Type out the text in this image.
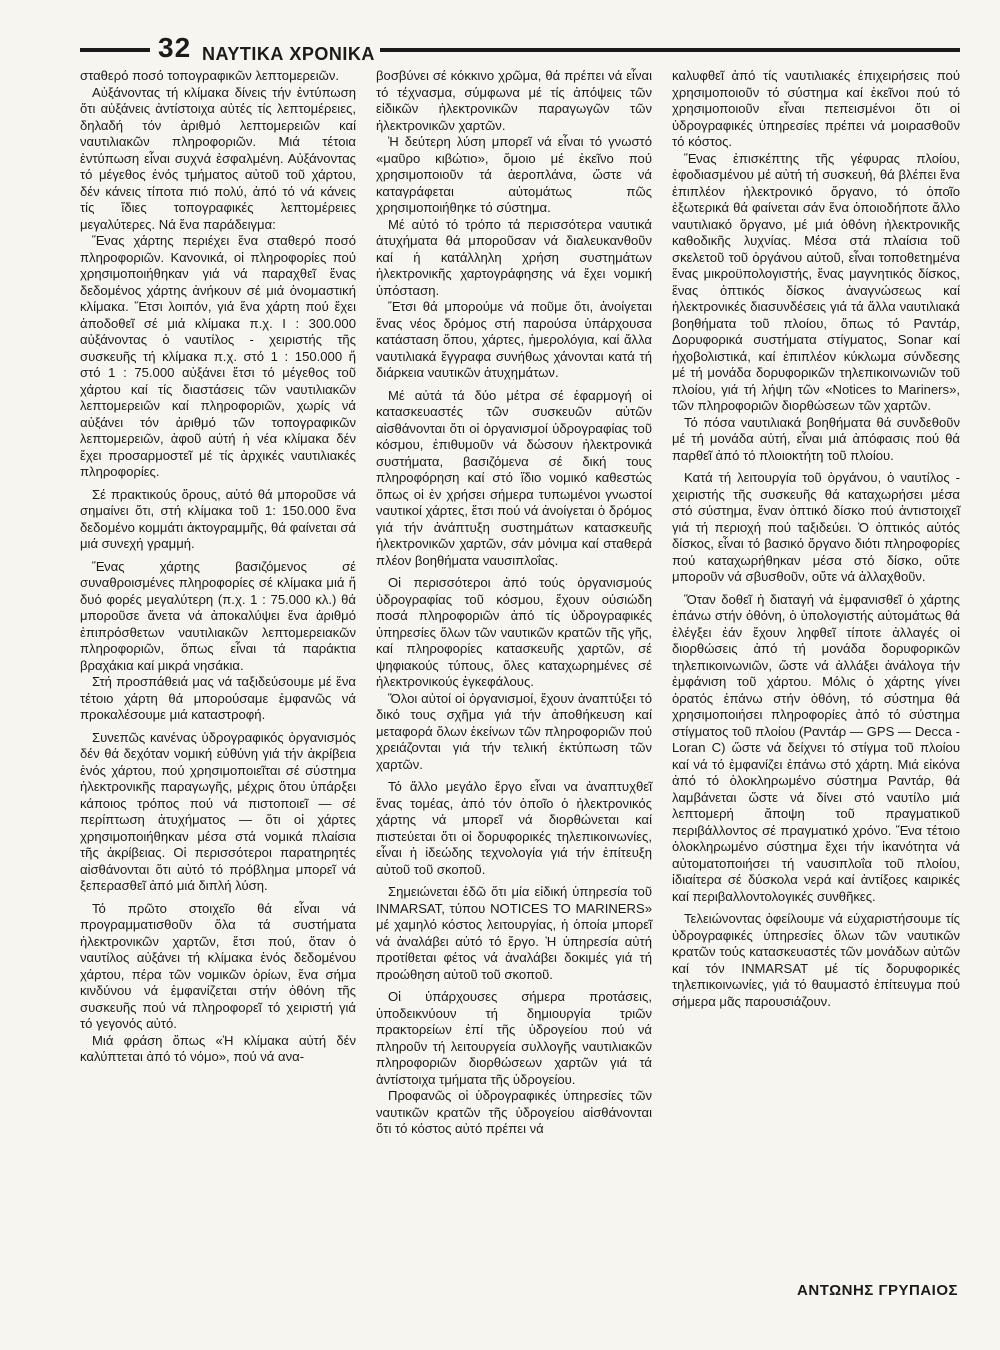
32 ΝΑΥΤΙΚΑ ΧΡΟΝΙΚΑ

σταθερό ποσό τοπογραφικῶν λεπτομερειῶν.

Αὐξάνοντας τή κλίμακα δίνεις τήν ἐντύπωση ὅτι αὐξάνεις ἀντίστοιχα αὐτές τίς λεπτομέρειες, δηλαδή τόν ἀριθμό λεπτομερειῶν καί ναυτιλιακῶν πληροφοριῶν. Μιά τέτοια ἐντύπωση εἶναι συχνά ἐσφαλμένη. Αὐξάνοντας τό μέγεθος ἑνός τμήματος αὐτοῦ τοῦ χάρτου, δέν κάνεις τίποτα πιό πολύ, ἀπό τό νά κάνεις τίς ἴδιες τοπογραφικές λεπτομέρειες μεγαλύτερες. Νά ἕνα παράδειγμα:

Ἕνας χάρτης περιέχει ἕνα σταθερό ποσό πληροφοριῶν. Κανονικά, οἱ πληροφορίες πού χρησιμοποιήθηκαν γιά νά παραχθεῖ ἕνας δεδομένος χάρτης ἀνήκουν σέ μιά ὀνομαστική κλίμακα. Ἔτσι λοιπόν, γιά ἕνα χάρτη πού ἔχει ἀποδοθεῖ σέ μιά κλίμακα π.χ. Ι : 300.000 αὐξάνοντας ὁ ναυτίλος - χειριστής τῆς συσκευῆς τή κλίμακα π.χ. στό 1 : 150.000 ἤ στό 1 : 75.000 αὐξάνει ἔτσι τό μέγεθος τοῦ χάρτου καί τίς διαστάσεις τῶν ναυτιλιακῶν λεπτομερειῶν καί πληροφοριῶν, χωρίς νά αὐξάνει τόν ἀριθμό τῶν τοπογραφικῶν λεπτομερειῶν, ἀφοῦ αὐτή ἡ νέα κλίμακα δέν ἔχει προσαρμοστεῖ μέ τίς ἀρχικές ναυτιλιακές πληροφορίες.

Σέ πρακτικούς ὅρους, αὐτό θά μποροῦσε νά σημαίνει ὅτι, στή κλίμακα τοῦ 1: 150.000 ἕνα δεδομένο κομμάτι ἀκτογραμμῆς, θά φαίνεται σά μιά συνεχή γραμμή.

Ἕνας χάρτης βασιζόμενος σέ συναθροισμένες πληροφορίες σέ κλίμακα μιά ἤ δυό φορές μεγαλύτερη (π.χ. 1 : 75.000 κλ.) θά μποροῦσε ἄνετα νά ἀποκαλύψει ἕνα ἀριθμό ἐπιπρόσθετων ναυτιλιακῶν λεπτομερειακῶν πληροφοριῶν, ὅπως εἶναι τά παράκτια βραχάκια καί μικρά νησάκια.

Στή προσπάθειά μας νά ταξιδεύσουμε μέ ἕνα τέτοιο χάρτη θά μπορούσαμε ἐμφανῶς νά προκαλέσουμε μιά καταστροφή.

Συνεπῶς κανένας ὑδρογραφικός ὀργανισμός δέν θά δεχόταν νομική εὐθύνη γιά τήν ἀκρίβεια ἑνός χάρτου, πού χρησιμοποιεῖται σέ σύστημα ἠλεκτρονικῆς παραγωγῆς, μέχρις ὅτου ὑπάρξει κάποιος τρόπος πού νά πιστοποιεῖ — σέ περίπτωση ἀτυχήματος — ὅτι οἱ χάρτες χρησιμοποιήθηκαν μέσα στά νομικά πλαίσια τῆς ἀκρίβειας. Οἱ περισσότεροι παρατηρητές αἰσθάνονται ὅτι αὐτό τό πρόβλημα μπορεῖ νά ξεπερασθεῖ ἀπό μιά διπλή λύση.

Τό πρῶτο στοιχεῖο θά εἶναι νά προγραμματισθοῦν ὅλα τά συστήματα ἠλεκτρονικῶν χαρτῶν, ἔτσι πού, ὅταν ὁ ναυτίλος αὐξάνει τή κλίμακα ἑνός δεδομένου χάρτου, πέρα τῶν νομικῶν ὁρίων, ἕνα σήμα κινδύνου νά ἐμφανίζεται στήν ὀθόνη τῆς συσκευῆς πού νά πληροφορεῖ τό χειριστή γιά τό γεγονός αὐτό.

Μιά φράση ὅπως «Ἡ κλίμακα αὐτή δέν καλύπτεται ἀπό τό νόμο», πού νά ανα-

βοσβύνει σέ κόκκινο χρῶμα, θά πρέπει νά εἶναι τό τέχνασμα, σύμφωνα μέ τίς ἀπόψεις τῶν εἰδικῶν ἠλεκτρονικῶν παραγωγῶν τῶν ἠλεκτρονικῶν χαρτῶν.

Ἡ δεύτερη λύση μπορεῖ νά εἶναι τό γνωστό «μαῦρο κιβώτιο», ὅμοιο μέ ἐκεῖνο πού χρησιμοποιοῦν τά ἀεροπλάνα, ὥστε νά καταγράφεται αὐτομάτως πῶς χρησιμοποιήθηκε τό σύστημα.

Μέ αὐτό τό τρόπο τά περισσότερα ναυτικά ἀτυχήματα θά μποροῦσαν νά διαλευκανθοῦν καί ἡ κατάλληλη χρήση συστημάτων ἠλεκτρονικῆς χαρτογράφησης νά ἔχει νομική ὑπόσταση.

Ἔτσι θά μπορούμε νά ποῦμε ὅτι, ἀνοίγεται ἕνας νέος δρόμος στή παρούσα ὑπάρχουσα κατάσταση ὅπου, χάρτες, ἡμερολόγια, καί ἄλλα ναυτιλιακά ἔγγραφα συνήθως χάνονται κατά τή διάρκεια ναυτικῶν ἀτυχημάτων.

Μέ αὐτά τά δύο μέτρα σέ ἐφαρμογή οἱ κατασκευαστές τῶν συσκευῶν αὐτῶν αἰσθάνονται ὅτι οἱ ὀργανισμοί ὑδρογραφίας τοῦ κόσμου, ἐπιθυμοῦν νά δώσουν ἠλεκτρονικά συστήματα, βασιζόμενα σέ δική τους πληροφόρηση καί στό ἴδιο νομικό καθεστώς ὅπως οἱ ἐν χρήσει σήμερα τυπωμένοι γνωστοί ναυτικοί χάρτες, ἔτσι πού νά ἀνοίγεται ὁ δρόμος γιά τήν ἀνάπτυξη συστημάτων κατασκευῆς ἠλεκτρονικῶν χαρτῶν, σάν μόνιμα καί σταθερά πλέον βοηθήματα ναυσιπλοΐας.

Οἱ περισσότεροι ἀπό τούς ὀργανισμούς ὑδρογραφίας τοῦ κόσμου, ἔχουν οὐσιώδη ποσά πληροφοριῶν ἀπό τίς ὑδρογραφικές ὑπηρεσίες ὅλων τῶν ναυτικῶν κρατῶν τῆς γῆς, καί πληροφορίες κατασκευῆς χαρτῶν, σέ ψηφιακούς τύπους, ὅλες καταχωρημένες σέ ἠλεκτρονικούς ἐγκεφάλους.

Ὅλοι αὐτοί οἱ ὀργανισμοί, ἔχουν ἀναπτύξει τό δικό τους σχῆμα γιά τήν ἀποθήκευση καί μεταφορά ὅλων ἐκείνων τῶν πληροφοριῶν πού χρειάζονται γιά τήν τελική ἐκτύπωση τῶν χαρτῶν.

Τό ἄλλο μεγάλο ἔργο εἶναι να ἀναπτυχθεῖ ἕνας τομέας, ἀπό τόν ὁποῖο ὁ ἠλεκτρονικός χάρτης νά μπορεῖ νά διορθώνεται καί πιστεύεται ὅτι οἱ δορυφορικές τηλεπικοινωνίες, εἶναι ἡ ἰδεώδης τεχνολογία γιά τήν ἐπίτευξη αὐτοῦ τοῦ σκοποῦ.

Σημειώνεται ἐδῶ ὅτι μία εἰδική ὑπηρεσία τοῦ INMARSAT, τύπου NOTICES TO MARINERS» μέ χαμηλό κόστος λειτουργίας, ἡ ὁποία μπορεῖ νά ἀναλάβει αὐτό τό ἔργο. Ἡ ὑπηρεσία αὐτή προτίθεται φέτος νά ἀναλάβει δοκιμές γιά τή προώθηση αὐτοῦ τοῦ σκοποῦ.

Οἱ ὑπάρχουσες σήμερα προτάσεις, ὑποδεικνύουν τή δημιουργία τριῶν πρακτορείων ἐπί τῆς ὑδρογείου πού νά πληροῦν τή λειτουργεία συλλογῆς ναυτιλιακῶν πληροφοριῶν διορθώσεων χαρτῶν γιά τά ἀντίστοιχα τμήματα τῆς ὑδρογείου.

Προφανῶς οἱ ὑδρογραφικές ὑπηρεσίες τῶν ναυτικῶν κρατῶν τῆς ὑδρογείου αἰσθάνονται ὅτι τό κόστος αὐτό πρέπει νά

καλυφθεῖ ἀπό τίς ναυτιλιακές ἐπιχειρήσεις πού χρησιμοποιοῦν τό σύστημα καί ἐκεῖνοι πού τό χρησιμοποιοῦν εἶναι πεπεισμένοι ὅτι οἱ ὑδρογραφικές ὑπηρεσίες πρέπει νά μοιρασθοῦν τό κόστος.

Ἕνας ἐπισκέπτης τῆς γέφυρας πλοίου, ἐφοδιασμένου μέ αὐτή τή συσκευή, θά βλέπει ἕνα ἐπιπλέον ἠλεκτρονικό ὄργανο, τό ὁποῖο ἐξωτερικά θά φαίνεται σάν ἕνα ὁποιοδήποτε ἄλλο ναυτιλιακό ὄργανο, μέ μιά ὀθόνη ἠλεκτρονικῆς καθοδικῆς λυχνίας. Μέσα στά πλαίσια τοῦ σκελετοῦ τοῦ ὀργάνου αὐτοῦ, εἶναι τοποθετημένα ἕνας μικροϋπολογιστής, ἕνας μαγνητικός δίσκος, ἕνας ὀπτικός δίσκος ἀναγνώσεως καί ἠλεκτρονικές διασυνδέσεις γιά τά ἄλλα ναυτιλιακά βοηθήματα τοῦ πλοίου, ὅπως τό Ραντάρ, Δορυφορικά συστήματα στίγματος, Sonar καί ἠχοβολιστικά, καί ἐπιπλέον κύκλωμα σύνδεσης μέ τή μονάδα δορυφορικῶν τηλεπικοινωνιῶν τοῦ πλοίου, γιά τή λήψη τῶν «Notices to Mariners», τῶν πληροφοριῶν διορθώσεων τῶν χαρτῶν.

Τό πόσα ναυτιλιακά βοηθήματα θά συνδεθοῦν μέ τή μονάδα αὐτή, εἶναι μιά ἀπόφασις πού θά παρθεῖ ἀπό τό πλοιοκτήτη τοῦ πλοίου.

Κατά τή λειτουργία τοῦ ὀργάνου, ὁ ναυτίλος - χειριστής τῆς συσκευῆς θά καταχωρήσει μέσα στό σύστημα, ἕναν ὀπτικό δίσκο πού ἀντιστοιχεῖ γιά τή περιοχή πού ταξιδεύει. Ὁ ὀπτικός αὐτός δίσκος, εἶναι τό βασικό ὄργανο διότι πληροφορίες πού καταχωρήθηκαν μέσα στό δίσκο, οὔτε μποροῦν νά σβυσθοῦν, οὔτε νά ἀλλαχθοῦν.

Ὅταν δοθεῖ ἡ διαταγή νά ἐμφανισθεῖ ὁ χάρτης ἐπάνω στήν ὀθόνη, ὁ ὑπολογιστής αὐτομάτως θά ἐλέγξει ἐάν ἔχουν ληφθεῖ τίποτε ἀλλαγές οἱ διορθώσεις ἀπό τή μονάδα δορυφορικῶν τηλεπικοινωνιῶν, ὥστε νά ἀλλάξει ἀνάλογα τήν ἐμφάνιση τοῦ χάρτου. Μόλις ὁ χάρτης γίνει ὁρατός ἐπάνω στήν ὀθόνη, τό σύστημα θά χρησιμοποιήσει πληροφορίες ἀπό τό σύστημα στίγματος τοῦ πλοίου (Ραντάρ — GPS — Decca - Loran C) ὥστε νά δείχνει τό στίγμα τοῦ πλοίου καί νά τό ἐμφανίζει ἐπάνω στό χάρτη. Μιά εἰκόνα ἀπό τό ὁλοκληρωμένο σύστημα Ραντάρ, θά λαμβάνεται ὥστε νά δίνει στό ναυτίλο μιά λεπτομερή ἄποψη τοῦ πραγματικοῦ περιβάλλοντος σέ πραγματικό χρόνο. Ἕνα τέτοιο ὁλοκληρωμένο σύστημα ἔχει τήν ἱκανότητα νά αὐτοματοποιήσει τή ναυσιπλοΐα τοῦ πλοίου, ἰδιαίτερα σέ δύσκολα νερά καί ἀντίξοες καιρικές καί περιβαλλοντολογικές συνθῆκες.

Τελειώνοντας ὀφείλουμε νά εὐχαριστήσουμε τίς ὑδρογραφικές ὑπηρεσίες ὅλων τῶν ναυτικῶν κρατῶν τούς κατασκευαστές τῶν μονάδων αὐτῶν καί τόν INMARSAT μέ τίς δορυφορικές τηλεπικοινωνίες, γιά τό θαυμαστό ἐπίτευγμα πού σήμερα μᾶς παρουσιάζουν.

ΑΝΤΩΝΗΣ ΓΡΥΠΑΙΟΣ
